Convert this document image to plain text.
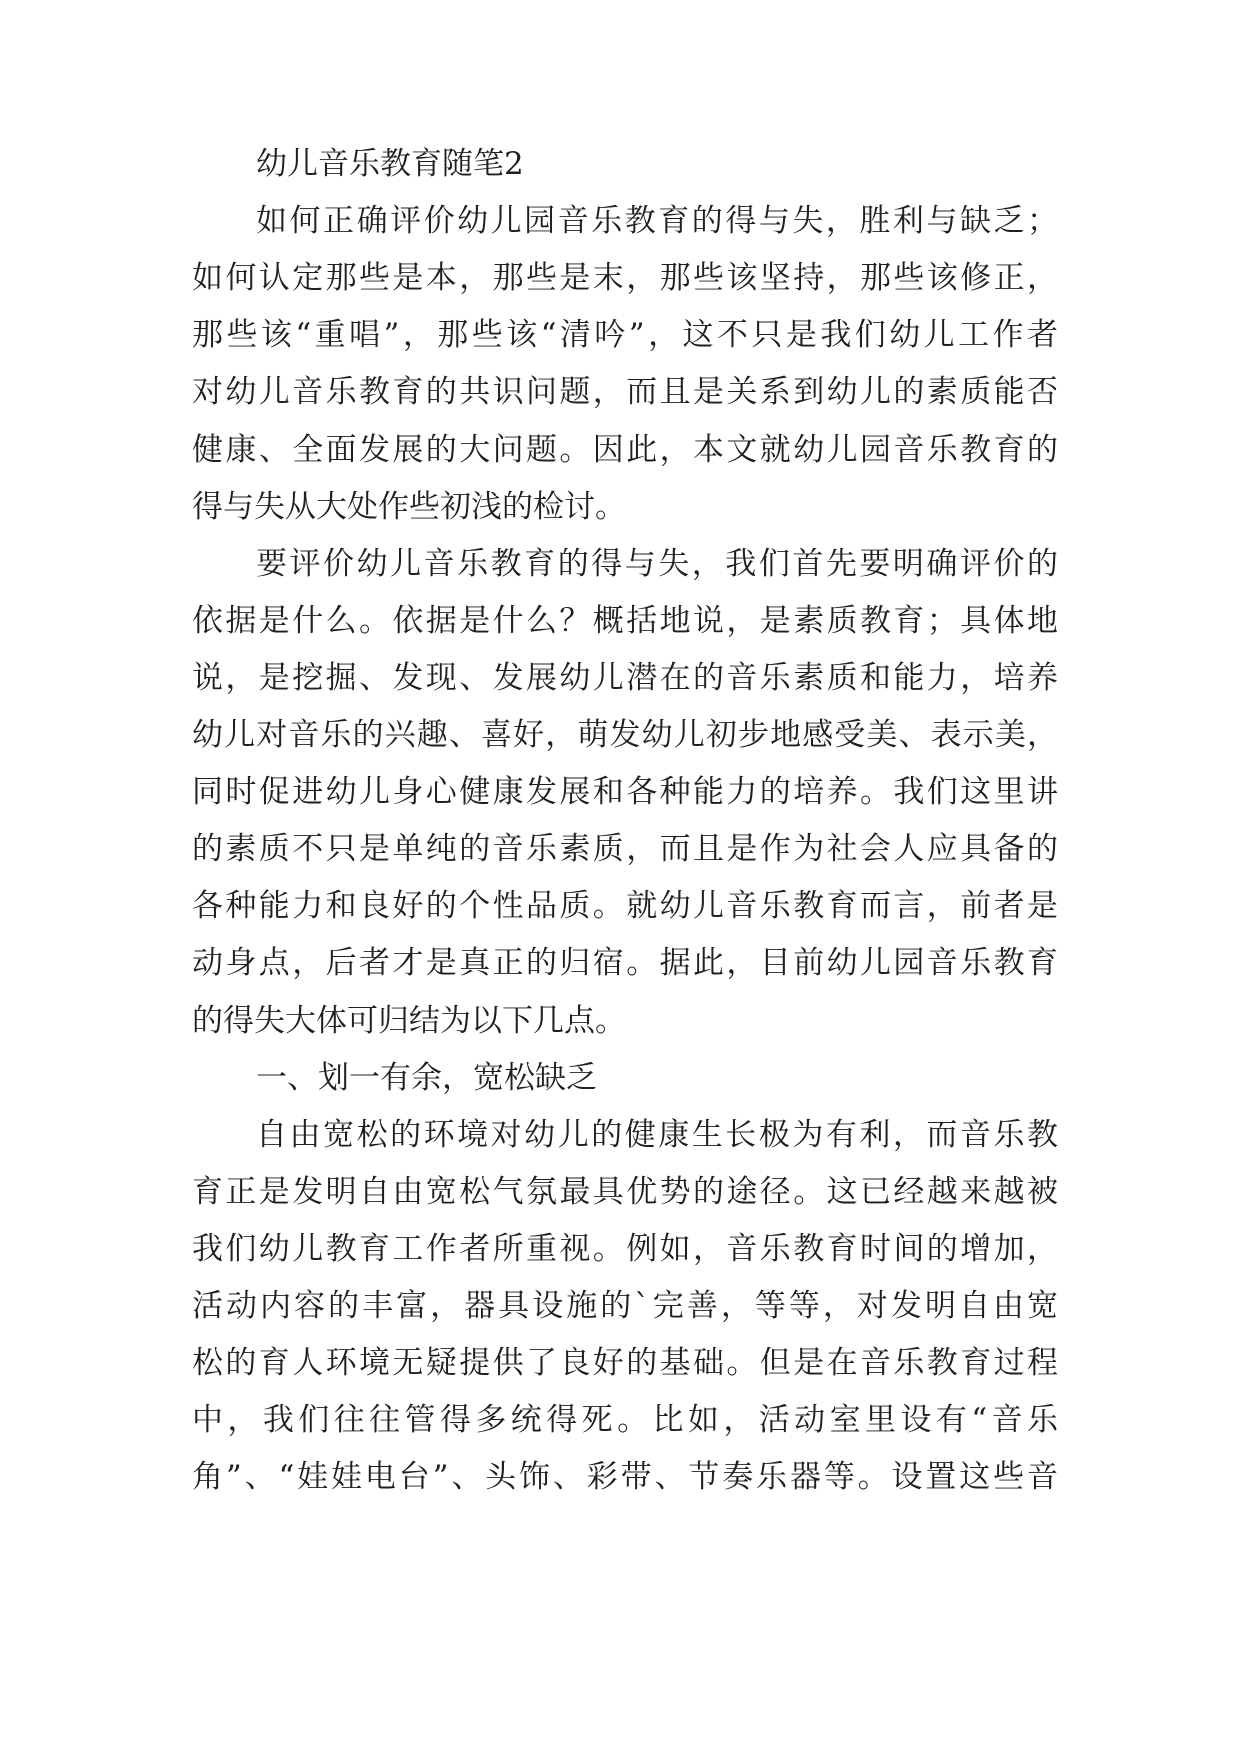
幼儿音乐教育随笔2
如何正确评价幼儿园音乐教育的得与失，胜利与缺乏；
如何认定那些是本，那些是末，那些该坚持，那些该修正，
那些该“重唱”，那些该“清吟”，这不只是我们幼儿工作者
对幼儿音乐教育的共识问题，而且是关系到幼儿的素质能否
健康、全面发展的大问题。因此，本文就幼儿园音乐教育的
得与失从大处作些初浅的检讨。
要评价幼儿音乐教育的得与失，我们首先要明确评价的
依据是什么。依据是什么？概括地说，是素质教育；具体地
说，是挖掘、发现、发展幼儿潜在的音乐素质和能力，培养
幼儿对音乐的兴趣、喜好，萌发幼儿初步地感受美、表示美，
同时促进幼儿身心健康发展和各种能力的培养。我们这里讲
的素质不只是单纯的音乐素质，而且是作为社会人应具备的
各种能力和良好的个性品质。就幼儿音乐教育而言，前者是
动身点，后者才是真正的归宿。据此，目前幼儿园音乐教育
的得失大体可归结为以下几点。
一、划一有余，宽松缺乏
自由宽松的环境对幼儿的健康生长极为有利，而音乐教
育正是发明自由宽松气氛最具优势的途径。这已经越来越被
我们幼儿教育工作者所重视。例如，音乐教育时间的增加，
活动内容的丰富，器具设施的`完善，等等，对发明自由宽
松的育人环境无疑提供了良好的基础。但是在音乐教育过程
中，我们往往管得多统得死。比如，活动室里设有“音乐
角”、“娃娃电台”、头饰、彩带、节奏乐器等。设置这些音
